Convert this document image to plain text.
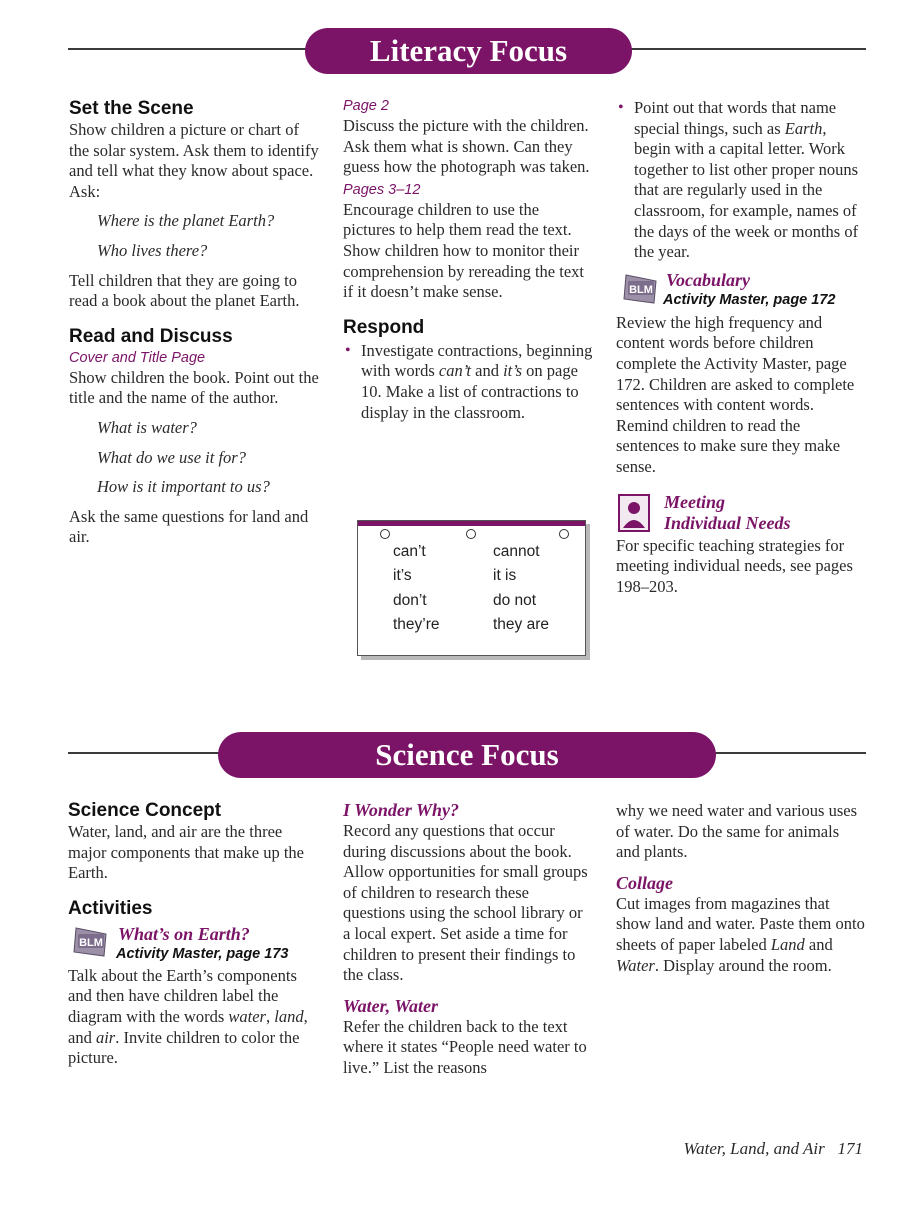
Literacy Focus

Set the Scene

Show children a picture or chart of the solar system. Ask them to identify and tell what they know about space. Ask:

Where is the planet Earth?

Who lives there?

Tell children that they are going to read a book about the planet Earth.

Read and Discuss

Cover and Title Page

Show children the book. Point out the title and the name of the author.

What is water?

What do we use it for?

How is it important to us?

Ask the same questions for land and air.

Page 2

Discuss the picture with the children. Ask them what is shown. Can they guess how the photograph was taken.

Pages 3–12

Encourage children to use the pictures to help them read the text. Show children how to monitor their comprehension by rereading the text if it doesn’t make sense.

Respond

• Investigate contractions, beginning with words can’t and it’s on page 10. Make a list of contractions to display in the classroom.

can’t	cannot
it’s	it is
don’t	do not
they’re	they are

• Point out that words that name special things, such as Earth, begin with a capital letter. Work together to list other proper nouns that are regularly used in the classroom, for example, names of the days of the week or months of the year.

BLM Vocabulary
Activity Master, page 172

Review the high frequency and content words before children complete the Activity Master, page 172. Children are asked to complete sentences with content words. Remind children to read the sentences to make sure they make sense.

Meeting
Individual Needs

For specific teaching strategies for meeting individual needs, see pages 198–203.

Science Focus

Science Concept

Water, land, and air are the three major components that make up the Earth.

Activities

BLM What’s on Earth?
Activity Master, page 173

Talk about the Earth’s components and then have children label the diagram with the words water, land, and air. Invite children to color the picture.

I Wonder Why?

Record any questions that occur during discussions about the book. Allow opportunities for small groups of children to research these questions using the school library or a local expert. Set aside a time for children to present their findings to the class.

Water, Water

Refer the children back to the text where it states “People need water to live.” List the reasons

why we need water and various uses of water. Do the same for animals and plants.

Collage

Cut images from magazines that show land and water. Paste them onto sheets of paper labeled Land and Water. Display around the room.

Water, Land, and Air 171
